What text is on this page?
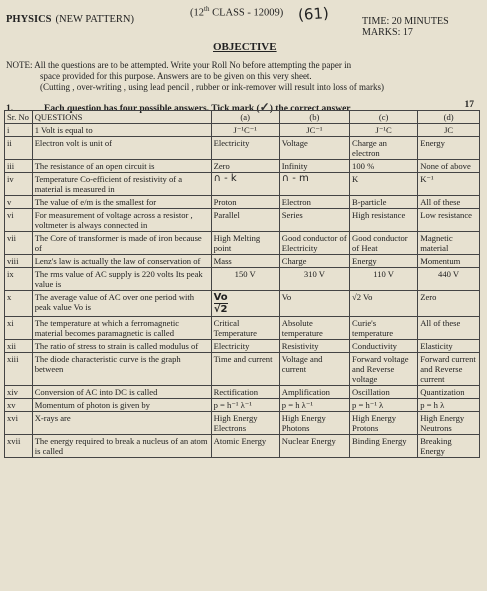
PHYSICS (NEW PATTERN)
(12th CLASS - 12009) (61)	TIME: 20 MINUTES
MARKS: 17
OBJECTIVE
NOTE: All the questions are to be attempted. Write your Roll No before attempting the paper in
space provided for this purpose. Answers are to be given on this very sheet.
(Cutting , over-writing , using lead pencil , rubber or ink-remover will result into loss of marks)
1.	Each question has four possible answers. Tick mark (✓) the correct answer	17
Sr. No	QUESTIONS	(a)	(b)	(c)	(d)
i	1 Volt is equal to	J⁻¹C⁻¹	JC⁻¹	J⁻¹C	JC
ii	Electron volt is unit of	Electricity	Voltage	Charge an electron	Energy
iii	The resistance of an open circuit is	Zero	Infinity	100 %	None of above
iv	Temperature Co-efficient of resistivity of a material is measured in	∩ - k	∩ - m	K	K⁻¹
v	The value of e/m is the smallest for	Proton	Electron	B-particle	All of these
vi	For measurement of voltage across a resistor , voltmeter is always connected in	Parallel	Series	High resistance	Low resistance
vii	The Core of transformer is made of iron because of	High Melting point	Good conductor of Electricity	Good conductor of Heat	Magnetic material
viii	Lenz's law is actually the law of conservation of	Mass	Charge	Energy	Momentum
ix	The rms value of AC supply is 220 volts Its peak value is	150 V	310 V	110 V	440 V
x	The average value of AC over one period with peak value Vo is	$\frac{Vo}{√2}$	Vo	√2 Vo	Zero
xi	The temperature at which a ferromagnetic material becomes paramagnetic is called	Critical Temperature	Absolute temperature	Curie's temperature	All of these
xii	The ratio of stress to strain is called modulus of	Electricity	Resistivity	Conductivity	Elasticity
xiii	The diode characteristic curve is the graph between	Time and current	Voltage and current	Forward voltage and Reverse voltage	Forward current and Reverse current
xiv	Conversion of AC into DC is called	Rectification	Amplification	Oscillation	Quantization
xv	Momentum of photon is given by	p = h⁻¹ λ⁻¹	p = h λ⁻¹	p = h⁻¹ λ	p = h λ
xvi	X-rays are	High Energy Electrons	High Energy Photons	High Energy Protons	High Energy Neutrons
xvii	The energy required to break a nucleus of an atom is called	Atomic Energy	Nuclear Energy	Binding Energy	Breaking Energy
